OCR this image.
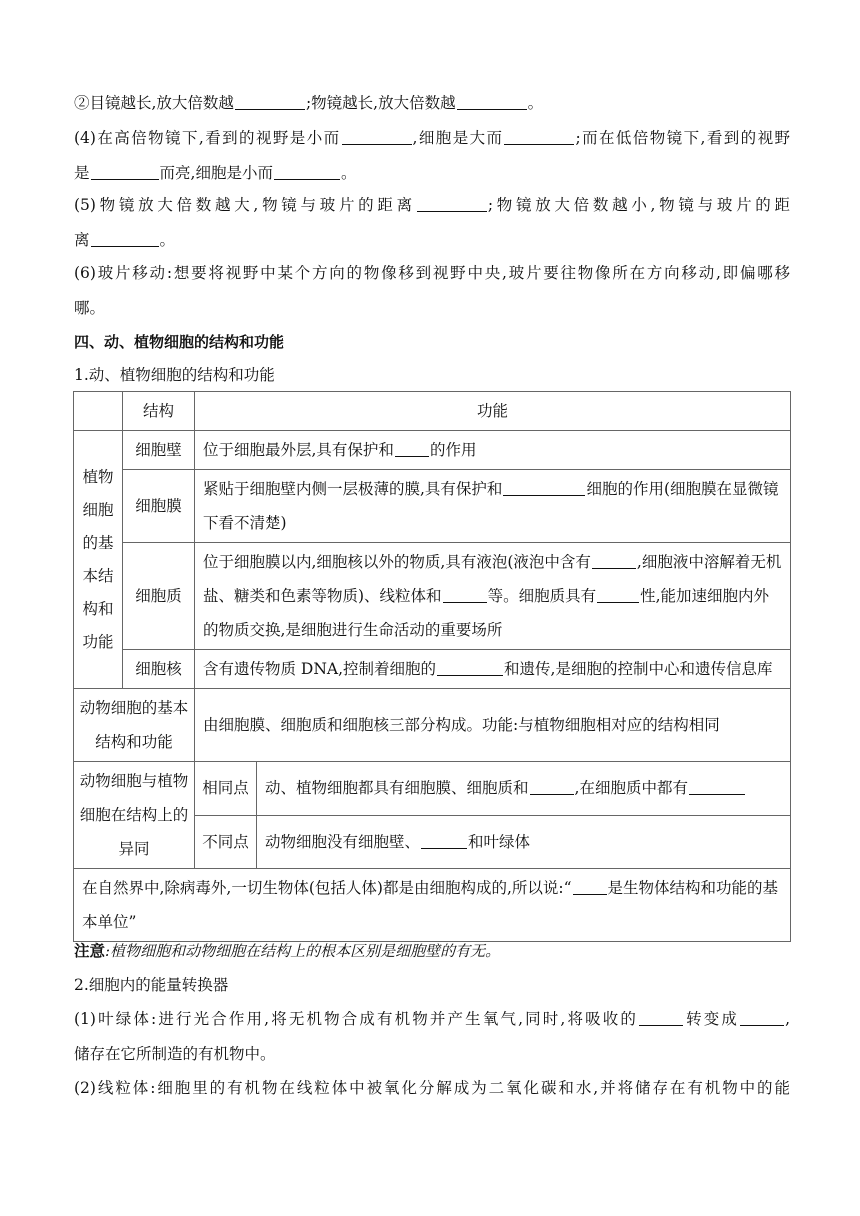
②目镜越长,放大倍数越	;物镜越长,放大倍数越	。

(4)在高倍物镜下,看到的视野是小而	,细胞是大而	;而在低倍物镜下,看到的视野

是	而亮,细胞是小而	。

(5)物镜放大倍数越大,物镜与玻片的距离	;物镜放大倍数越小,物镜与玻片的距

离	。

(6)玻片移动:想要将视野中某个方向的物像移到视野中央,玻片要往物像所在方向移动,即偏哪移

哪。

四、动、植物细胞的结构和功能

1.动、植物细胞的结构和功能

	结构	功能	
植物细胞的基本结构和功能	细胞壁	位于细胞最外层,具有保护和 的作用	
	细胞膜	紧贴于细胞壁内侧一层极薄的膜,具有保护和 细胞的作用(细胞膜在显微镜下看不清楚)	
	细胞质	位于细胞膜以内,细胞核以外的物质,具有液泡(液泡中含有 ,细胞液中溶解着无机盐、糖类和色素等物质)、线粒体和 等。细胞质具有 性,能加速细胞内外的物质交换,是细胞进行生命活动的重要场所	
	细胞核	含有遗传物质 DNA,控制着细胞的 和遗传,是细胞的控制中心和遗传信息库	
动物细胞的基本结构和功能		由细胞膜、细胞质和细胞核三部分构成。功能:与植物细胞相对应的结构相同	
动物细胞与植物细胞在结构上的异同		相同点	动、植物细胞都具有细胞膜、细胞质和 ,在细胞质中都有
		不同点	动物细胞没有细胞壁、 和叶绿体
在自然界中,除病毒外,一切生物体(包括人体)都是由细胞构成的,所以说:“ 是生物体结构和功能的基本单位”			

注意:植物细胞和动物细胞在结构上的根本区别是细胞壁的有无。

2.细胞内的能量转换器

(1)叶绿体:进行光合作用,将无机物合成有机物并产生氧气,同时,将吸收的	转变成	,

储存在它所制造的有机物中。

(2)线粒体:细胞里的有机物在线粒体中被氧化分解成为二氧化碳和水,并将储存在有机物中的能
